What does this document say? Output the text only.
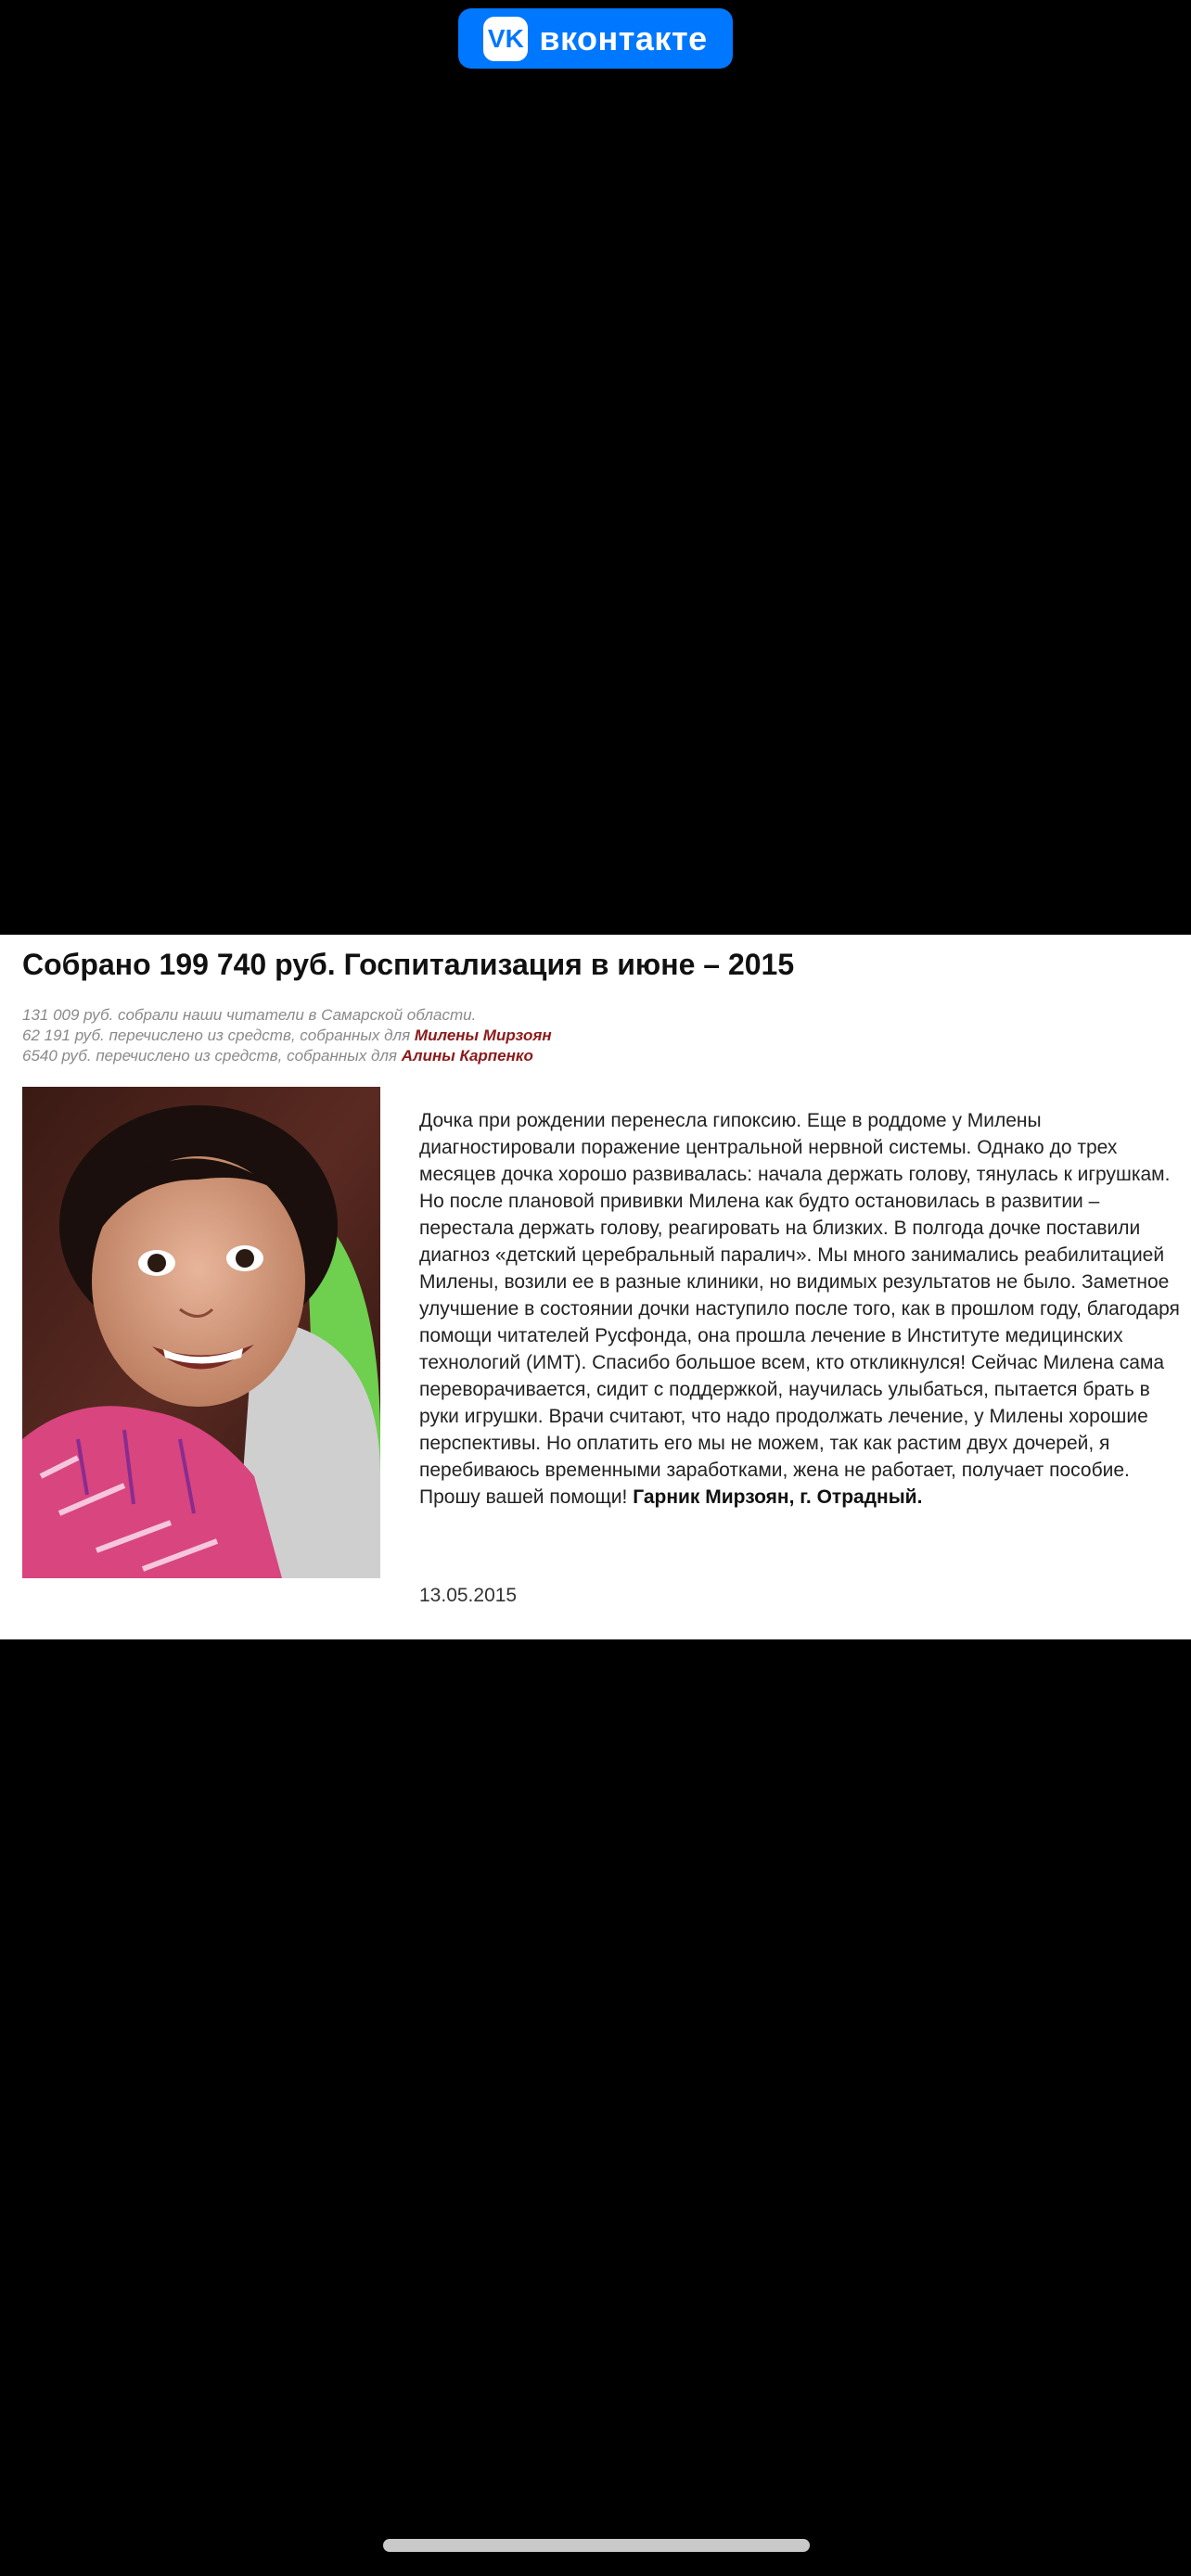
VK вконтакте
Собрано 199 740 руб. Госпитализация в июне – 2015
131 009 руб. собрали наши читатели в Самарской области.
62 191 руб. перечислено из средств, собранных для Милены Мирзоян
6540 руб. перечислено из средств, собранных для Алины Карпенко
Дочка при рождении перенесла гипоксию. Еще в роддоме у Милены диагностировали поражение центральной нервной системы. Однако до трех месяцев дочка хорошо развивалась: начала держать голову, тянулась к игрушкам. Но после плановой прививки Милена как будто остановилась в развитии – перестала держать голову, реагировать на близких. В полгода дочке поставили диагноз «детский церебральный паралич». Мы много занимались реабилитацией Милены, возили ее в разные клиники, но видимых результатов не было. Заметное улучшение в состоянии дочки наступило после того, как в прошлом году, благодаря помощи читателей Русфонда, она прошла лечение в Институте медицинских технологий (ИМТ). Спасибо большое всем, кто откликнулся! Сейчас Милена сама переворачивается, сидит с поддержкой, научилась улыбаться, пытается брать в руки игрушки. Врачи считают, что надо продолжать лечение, у Милены хорошие перспективы. Но оплатить его мы не можем, так как растим двух дочерей, я перебиваюсь временными заработками, жена не работает, получает пособие. Прошу вашей помощи! Гарник Мирзоян, г. Отрадный.
13.05.2015
